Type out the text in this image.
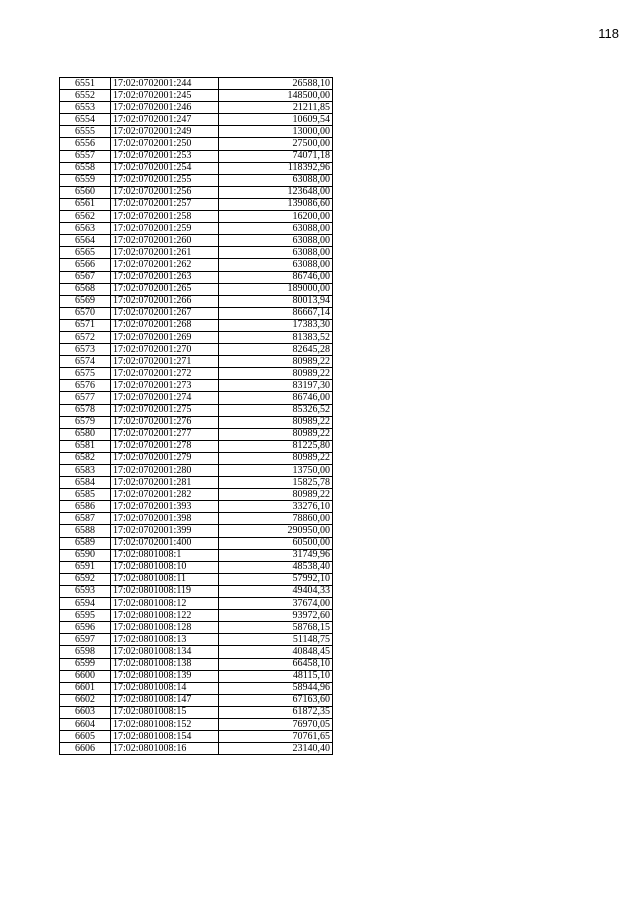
118
6551	17:02:0702001:244	26588,10
6552	17:02:0702001:245	148500,00
6553	17:02:0702001:246	21211,85
6554	17:02:0702001:247	10609,54
6555	17:02:0702001:249	13000,00
6556	17:02:0702001:250	27500,00
6557	17:02:0702001:253	74071,18
6558	17:02:0702001:254	118392,96
6559	17:02:0702001:255	63088,00
6560	17:02:0702001:256	123648,00
6561	17:02:0702001:257	139086,60
6562	17:02:0702001:258	16200,00
6563	17:02:0702001:259	63088,00
6564	17:02:0702001:260	63088,00
6565	17:02:0702001:261	63088,00
6566	17:02:0702001:262	63088,00
6567	17:02:0702001:263	86746,00
6568	17:02:0702001:265	189000,00
6569	17:02:0702001:266	80013,94
6570	17:02:0702001:267	86667,14
6571	17:02:0702001:268	17383,30
6572	17:02:0702001:269	81383,52
6573	17:02:0702001:270	82645,28
6574	17:02:0702001:271	80989,22
6575	17:02:0702001:272	80989,22
6576	17:02:0702001:273	83197,30
6577	17:02:0702001:274	86746,00
6578	17:02:0702001:275	85326,52
6579	17:02:0702001:276	80989,22
6580	17:02:0702001:277	80989,22
6581	17:02:0702001:278	81225,80
6582	17:02:0702001:279	80989,22
6583	17:02:0702001:280	13750,00
6584	17:02:0702001:281	15825,78
6585	17:02:0702001:282	80989,22
6586	17:02:0702001:393	33276,10
6587	17:02:0702001:398	78860,00
6588	17:02:0702001:399	290950,00
6589	17:02:0702001:400	60500,00
6590	17:02:0801008:1	31749,96
6591	17:02:0801008:10	48538,40
6592	17:02:0801008:11	57992,10
6593	17:02:0801008:119	49404,33
6594	17:02:0801008:12	37674,00
6595	17:02:0801008:122	93972,60
6596	17:02:0801008:128	58768,15
6597	17:02:0801008:13	51148,75
6598	17:02:0801008:134	40848,45
6599	17:02:0801008:138	66458,10
6600	17:02:0801008:139	48115,10
6601	17:02:0801008:14	58944,96
6602	17:02:0801008:147	67163,60
6603	17:02:0801008:15	61872,35
6604	17:02:0801008:152	76970,05
6605	17:02:0801008:154	70761,65
6606	17:02:0801008:16	23140,40
